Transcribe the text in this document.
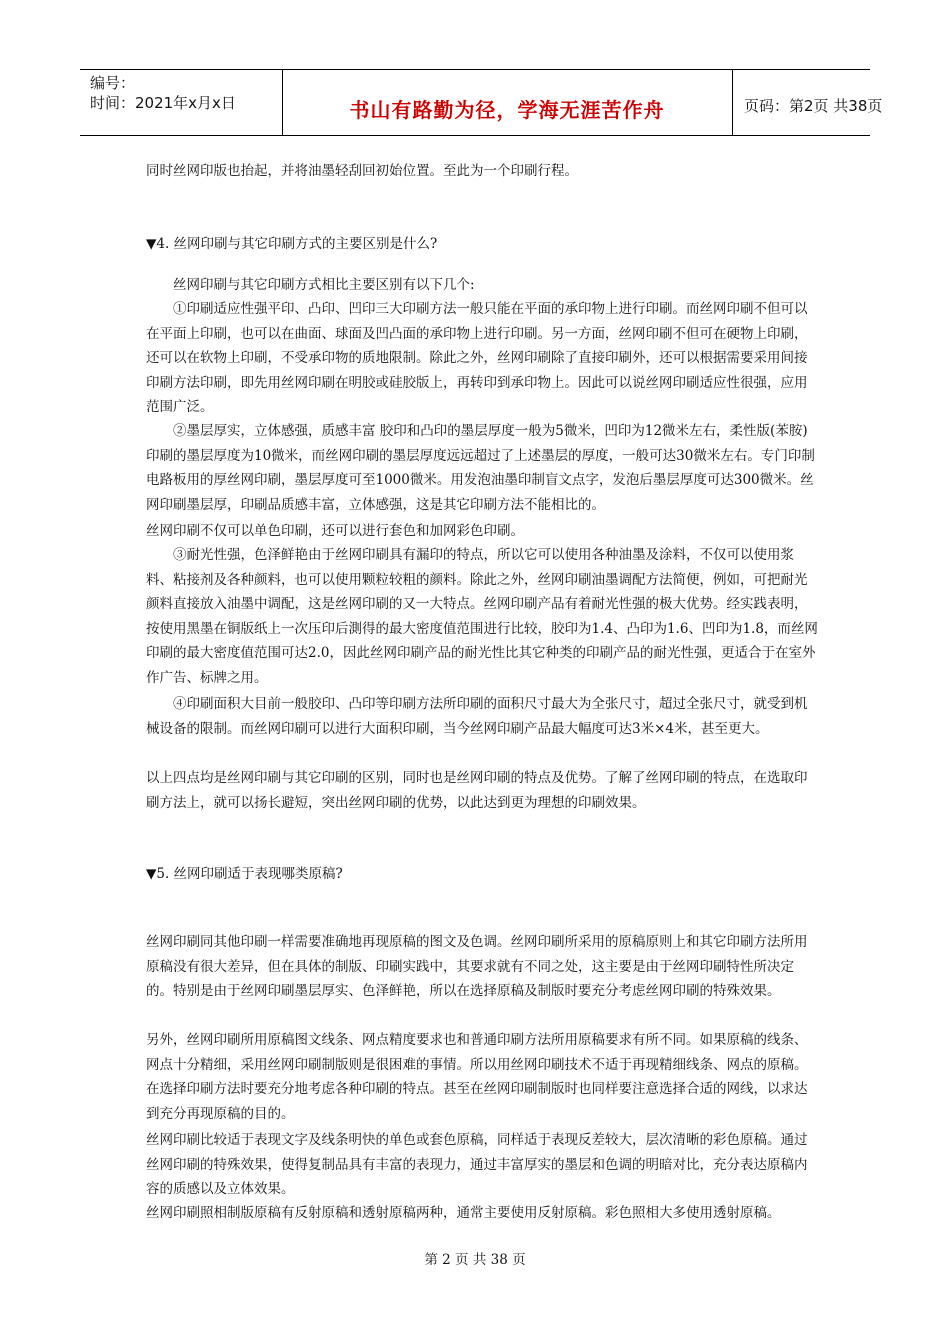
编号：
时间：2021年x月x日	书山有路勤为径，学海无涯苦作舟	页码：第2页 共38页

同时丝网印版也抬起，并将油墨轻刮回初始位置。至此为一个印刷行程。

▼4. 丝网印刷与其它印刷方式的主要区别是什么?

丝网印刷与其它印刷方式相比主要区别有以下几个:

①印刷适应性强平印、凸印、凹印三大印刷方法一般只能在平面的承印物上进行印刷。而丝网印刷不但可以在平面上印刷，也可以在曲面、球面及凹凸面的承印物上进行印刷。另一方面，丝网印刷不但可在硬物上印刷，还可以在软物上印刷，不受承印物的质地限制。除此之外，丝网印刷除了直接印刷外，还可以根据需要采用间接印刷方法印刷，即先用丝网印刷在明胶或硅胶版上，再转印到承印物上。因此可以说丝网印刷适应性很强，应用范围广泛。

②墨层厚实，立体感强，质感丰富 胶印和凸印的墨层厚度一般为5微米，凹印为12微米左右，柔性版(苯胺)印刷的墨层厚度为10微米，而丝网印刷的墨层厚度远远超过了上述墨层的厚度，一般可达30微米左右。专门印制电路板用的厚丝网印刷，墨层厚度可至1000微米。用发泡油墨印制盲文点字，发泡后墨层厚度可达300微米。丝网印刷墨层厚，印刷品质感丰富，立体感强，这是其它印刷方法不能相比的。

丝网印刷不仅可以单色印刷，还可以进行套色和加网彩色印刷。

③耐光性强，色泽鲜艳由于丝网印刷具有漏印的特点，所以它可以使用各种油墨及涂料，不仅可以使用浆料、粘接剂及各种颜料，也可以使用颗粒较粗的颜料。除此之外，丝网印刷油墨调配方法简便，例如，可把耐光颜料直接放入油墨中调配，这是丝网印刷的又一大特点。丝网印刷产品有着耐光性强的极大优势。经实践表明，按使用黑墨在铜版纸上一次压印后測得的最大密度值范围进行比较，胶印为1.4、凸印为1.6、凹印为1.8，而丝网印刷的最大密度值范围可达2.0，因此丝网印刷产品的耐光性比其它种类的印刷产品的耐光性强，更适合于在室外作广告、标牌之用。

④印刷面积大目前一般胶印、凸印等印刷方法所印刷的面积尺寸最大为全张尺寸，超过全张尺寸，就受到机械设备的限制。而丝网印刷可以进行大面积印刷，当今丝网印刷产品最大幅度可达3米×4米，甚至更大。

以上四点均是丝网印刷与其它印刷的区别，同时也是丝网印刷的特点及优势。了解了丝网印刷的特点，在选取印刷方法上，就可以扬长避短，突出丝网印刷的优势，以此达到更为理想的印刷效果。

▼5. 丝网印刷适于表现哪类原稿?

丝网印刷同其他印刷一样需要准确地再现原稿的图文及色调。丝网印刷所采用的原稿原则上和其它印刷方法所用原稿没有很大差异，但在具体的制版、印刷实践中，其要求就有不同之处，这主要是由于丝网印刷特性所决定的。特别是由于丝网印刷墨层厚实、色泽鲜艳，所以在选择原稿及制版时要充分考虑丝网印刷的特殊效果。

另外，丝网印刷所用原稿图文线条、网点精度要求也和普通印刷方法所用原稿要求有所不同。如果原稿的线条、网点十分精细，采用丝网印刷制版则是很困难的事情。所以用丝网印刷技术不适于再现精细线条、网点的原稿。在选择印刷方法时要充分地考虑各种印刷的特点。甚至在丝网印刷制版时也同样要注意选择合适的网线，以求达到充分再现原稿的目的。

丝网印刷比较适于表现文字及线条明快的单色或套色原稿，同样适于表现反差较大，层次清晰的彩色原稿。通过丝网印刷的特殊效果，使得复制品具有丰富的表现力，通过丰富厚实的墨层和色调的明暗对比，充分表达原稿内容的质感以及立体效果。

丝网印刷照相制版原稿有反射原稿和透射原稿两种，通常主要使用反射原稿。彩色照相大多使用透射原稿。

第 2 页 共 38 页
